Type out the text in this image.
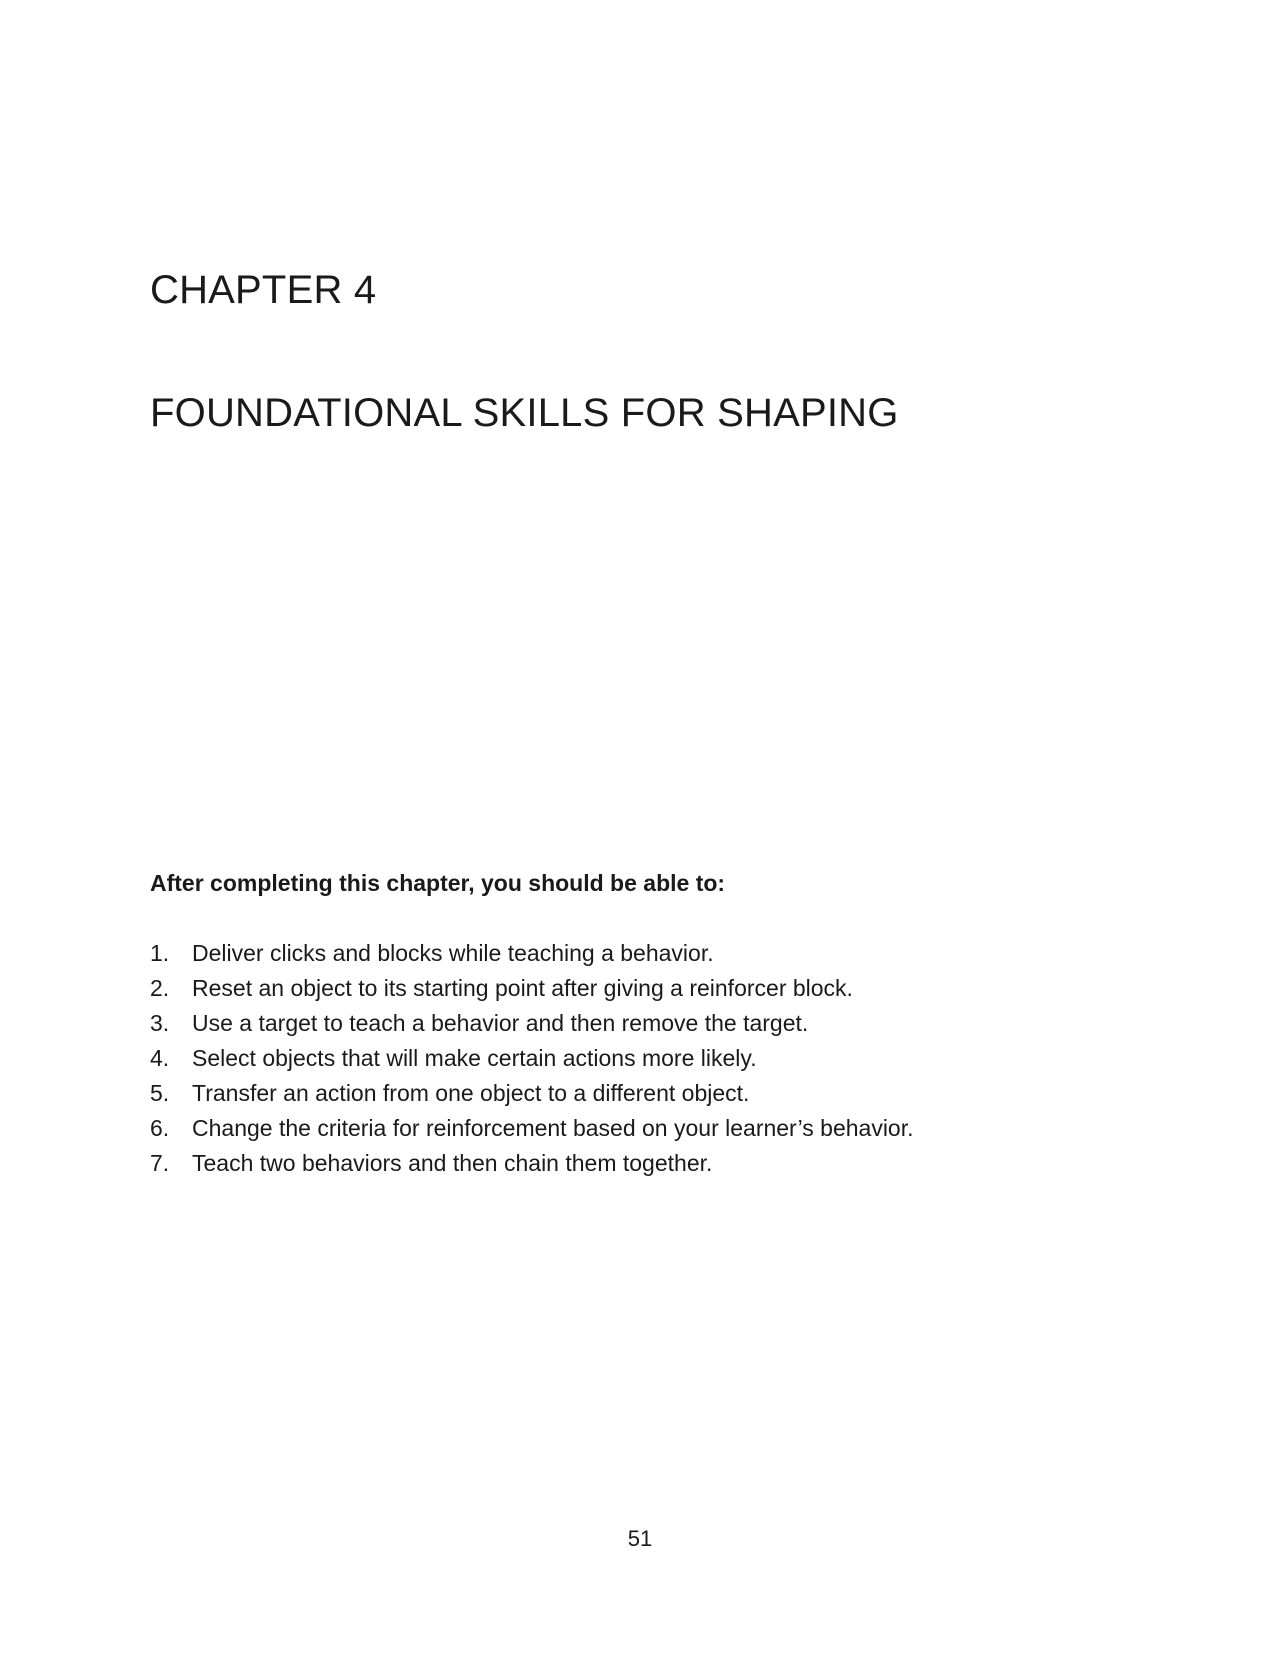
CHAPTER 4
FOUNDATIONAL SKILLS FOR SHAPING
After completing this chapter, you should be able to:
1. Deliver clicks and blocks while teaching a behavior.
2. Reset an object to its starting point after giving a reinforcer block.
3. Use a target to teach a behavior and then remove the target.
4. Select objects that will make certain actions more likely.
5. Transfer an action from one object to a different object.
6. Change the criteria for reinforcement based on your learner’s behavior.
7. Teach two behaviors and then chain them together.
51
